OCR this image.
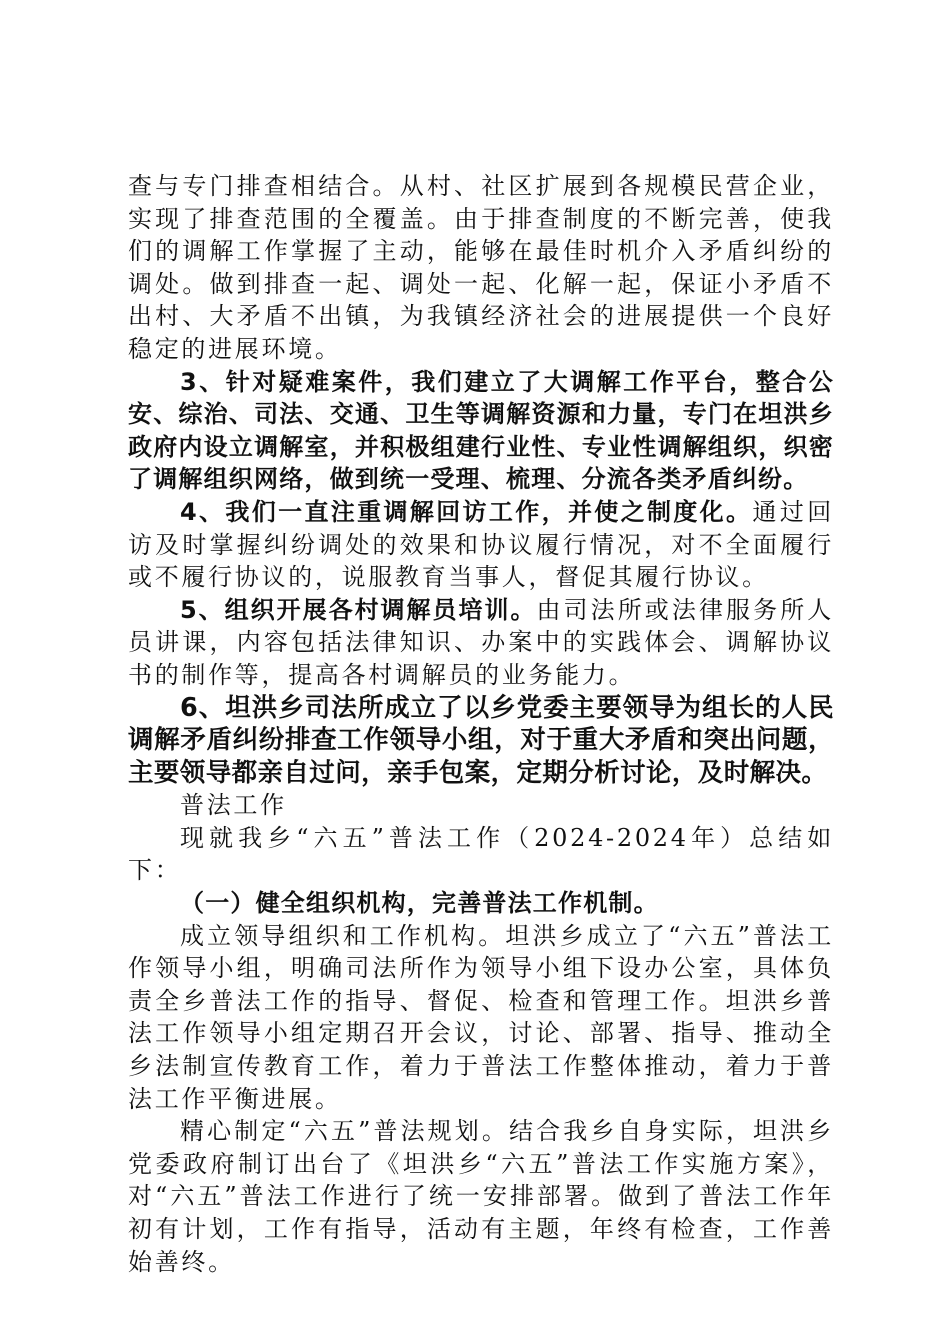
查与专门排查相结合。从村、社区扩展到各规模民营企业，实现了排查范围的全覆盖。由于排查制度的不断完善，使我们的调解工作掌握了主动，能够在最佳时机介入矛盾纠纷的调处。做到排查一起、调处一起、化解一起，保证小矛盾不出村、大矛盾不出镇，为我镇经济社会的进展提供一个良好稳定的进展环境。

3、针对疑难案件，我们建立了大调解工作平台，整合公安、综治、司法、交通、卫生等调解资源和力量，专门在坦洪乡政府内设立调解室，并积极组建行业性、专业性调解组织，织密了调解组织网络，做到统一受理、梳理、分流各类矛盾纠纷。

4、我们一直注重调解回访工作，并使之制度化。通过回访及时掌握纠纷调处的效果和协议履行情况，对不全面履行或不履行协议的，说服教育当事人，督促其履行协议。

5、组织开展各村调解员培训。由司法所或法律服务所人员讲课，内容包括法律知识、办案中的实践体会、调解协议书的制作等，提高各村调解员的业务能力。

6、坦洪乡司法所成立了以乡党委主要领导为组长的人民调解矛盾纠纷排查工作领导小组，对于重大矛盾和突出问题，主要领导都亲自过问，亲手包案，定期分析讨论，及时解决。

普法工作

现就我乡“六五”普法工作（2024-2024年）总结如下：

（一）健全组织机构，完善普法工作机制。

成立领导组织和工作机构。坦洪乡成立了“六五”普法工作领导小组，明确司法所作为领导小组下设办公室，具体负责全乡普法工作的指导、督促、检查和管理工作。坦洪乡普法工作领导小组定期召开会议，讨论、部署、指导、推动全乡法制宣传教育工作，着力于普法工作整体推动，着力于普法工作平衡进展。

精心制定“六五”普法规划。结合我乡自身实际，坦洪乡党委政府制订出台了《坦洪乡“六五”普法工作实施方案》，对“六五”普法工作进行了统一安排部署。做到了普法工作年初有计划，工作有指导，活动有主题，年终有检查，工作善始善终。
